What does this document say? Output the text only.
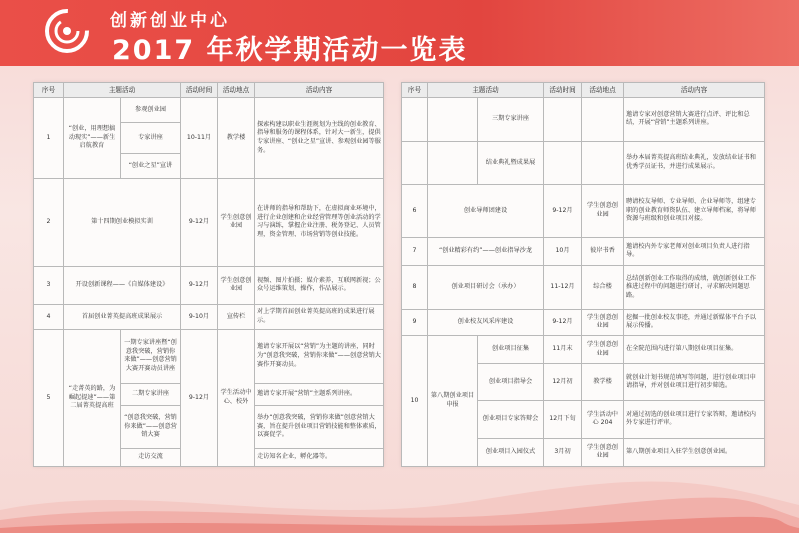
创新创业中心
2017 年秋学期活动一览表
序号	主题活动		活动时间	活动地点	活动内容
1	“创业，用理想搞动现实”——新生启航教育	参观创业园	10-11月	教学楼	探索构建以职业生涯规划为主线的创业教育、指导和服务的课程体系，针对大一新生，提供专家讲座、“创业之星”宣讲、参观创业园等服务。
		专家讲座			
		“创业之星”宣讲			
2	第十四期创业模拟实训		9-12月	学生创意创业园	在讲师的指导和帮助下，在虚拟商业环境中，进行企业创建和企业经营管理等创业活动的学习与演练，掌握企业注册、税务登记、人员管理，资金管理、市场营销等创业技能。
3	开设创新课程——《自媒体建设》		9-12月	学生创意创业园	视频、图片拍摄；媒介素养，互联网新视；公众号运维策划，操作，作品展示。
4	首届创业菁英提高班成果展示		9-10月	宣传栏	对上学期首届创业菁英提高班的成果进行展示。
5	“走菁英的路，为崛起提速”——第二届菁英提高班	一期专家讲座暨“创意我突破，营销你来做”——创意营销大赛开赛动员讲座	9-12月	学生活动中心、校外	邀请专家开展以“营销”为主题的讲座，同时为“创意我突破，营销你来做”——创意营销大赛作开赛动员。
		二期专家讲座			邀请专家开展“营销”主题系列讲座。
		“创意我突破，营销你来做”——创意营销大赛			举办“创意我突破，营销你来做”创意营销大赛，旨在提升创业项目营销技能和整体素质，以赛促学。
		走访交流			走访知名企业，孵化器等。
序号	主题活动		活动时间	活动地点	活动内容
		三期专家讲座			邀请专家对创意营销大赛进行点评、评比和总结，开展“营销”主题系列讲座。
		结业典礼暨成果展			举办本届菁英提高班结业典礼，发放结业证书和优秀学员证书，并进行成果展示。
6	创业导师团建设		9-12月	学生创意创业园	聘请校友导师、专业导师、企业导师等，组建专职的创业教育师资队伍、建立导师档案，将导师资源与班级和创业项目对接。
7	“创业精彩有约”——创业指导沙龙		10月	彼岸书香	邀请校内外专家老师对创业项目负责人进行指导。
8	创业项目研讨会（承办）		11-12月	综合楼	总结创新创业工作取得的成绩，就创新创业工作推进过程中的问题进行研讨，寻求解决问题思路。
9	创业校友风采库建设		9-12月	学生创意创业园	挖掘一批创业校友事迹，并通过新媒体平台予以展示传播。
10	第八期创业项目申报	创业项目征集	11月末	学生创意创业园	在全院范围内进行第八期创业项目征集。
		创业项目指导会	12月初	教学楼	就创业计划书规范填写等问题，进行创业项目申请指导，并对创业项目进行初步筛选。
		创业项目专家答辩会	12月下旬	学生活动中心 204	对通过初选的创业项目进行专家答辩，邀请校内外专家进行评审。
		创业项目入园仪式	3月初	学生创意创业园	第八期创业项目入驻学生创意创业园。
